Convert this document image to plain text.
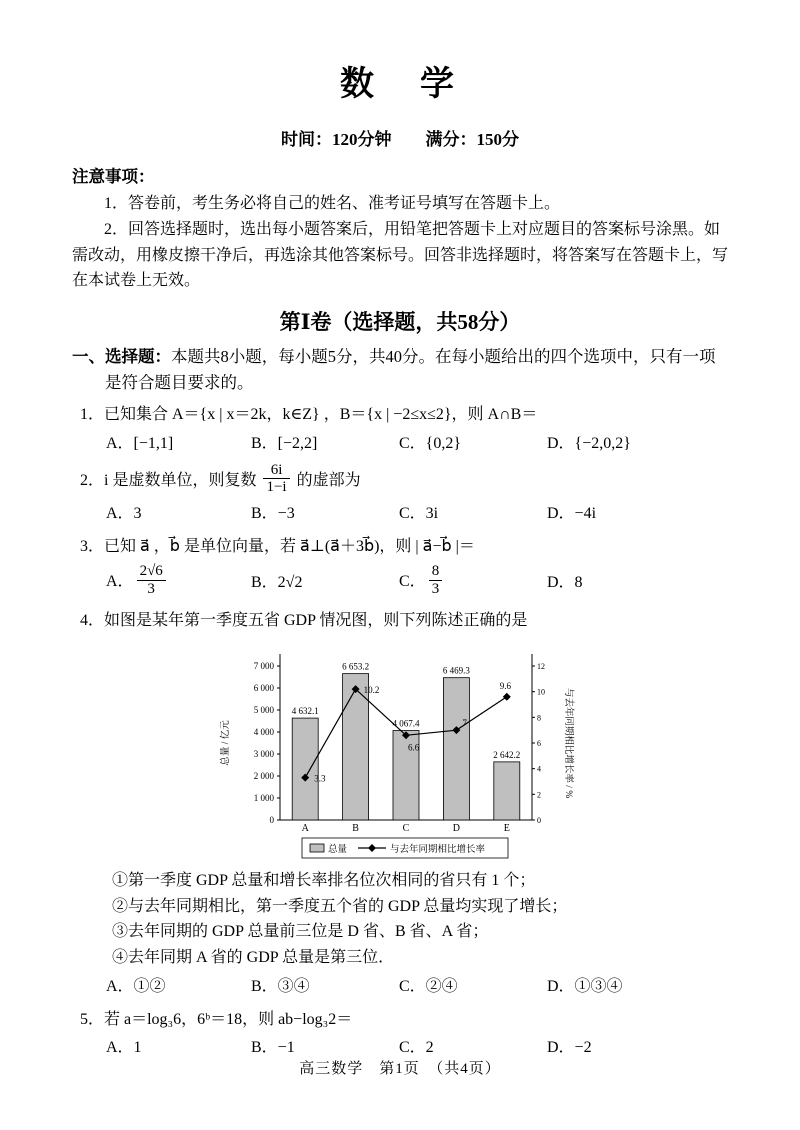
数　学
时间：120分钟　　满分：150分
注意事项：

1．答卷前，考生务必将自己的姓名、准考证号填写在答题卡上。

2．回答选择题时，选出每小题答案后，用铅笔把答题卡上对应题目的答案标号涂黑。如需改动，用橡皮擦干净后，再选涂其他答案标号。回答非选择题时，将答案写在答题卡上，写在本试卷上无效。

第Ⅰ卷（选择题，共58分）

一、选择题：本题共8小题，每小题5分，共40分。在每小题给出的四个选项中，只有一项是符合题目要求的。

1．已知集合 A＝{x | x＝2k，k∈Z} ，B＝{x | −2≤x≤2}，则 A∩B＝

A．[−1,1]	B．[−2,2]	C．{0,2}	D．{−2,0,2}

2．i 是虚数单位，则复数 $\frac{6i}{1-i}$ 的虚部为

A．3	B．−3	C．3i	D．−4i

3．已知 a⃗ ，b⃗ 是单位向量，若 a⃗⊥(a⃗＋3b⃗)，则 | a⃗−b⃗ |＝

A． $\frac{2√6}{3}$	B．2√2	C． $\frac{8}{3}$	D．8

4．如图是某年第一季度五省 GDP 情况图，则下列陈述正确的是

0
1 000
2 000
3 000
4 000
5 000
6 000
7 000
0
2
4
6
8
10
12
4 632.1
A
6 653.2
B
4 067.4
C
6 469.3
D
2 642.2
E
3.3
10.2
6.6
7
9.6
总量 / 亿元	与去年同期相比增长率 / %
总量	与去年同期相比增长率

①第一季度 GDP 总量和增长率排名位次相同的省只有 1 个；

②与去年同期相比，第一季度五个省的 GDP 总量均实现了增长；

③去年同期的 GDP 总量前三位是 D 省、B 省、A 省；

④去年同期 A 省的 GDP 总量是第三位．

A．①②	B．③④	C．②④	D．①③④

5．若 a＝log₃6，6ᵇ＝18，则 ab−log₃2＝

A．1	B．−1	C．2	D．−2
高三数学　第1页　（共4页）
